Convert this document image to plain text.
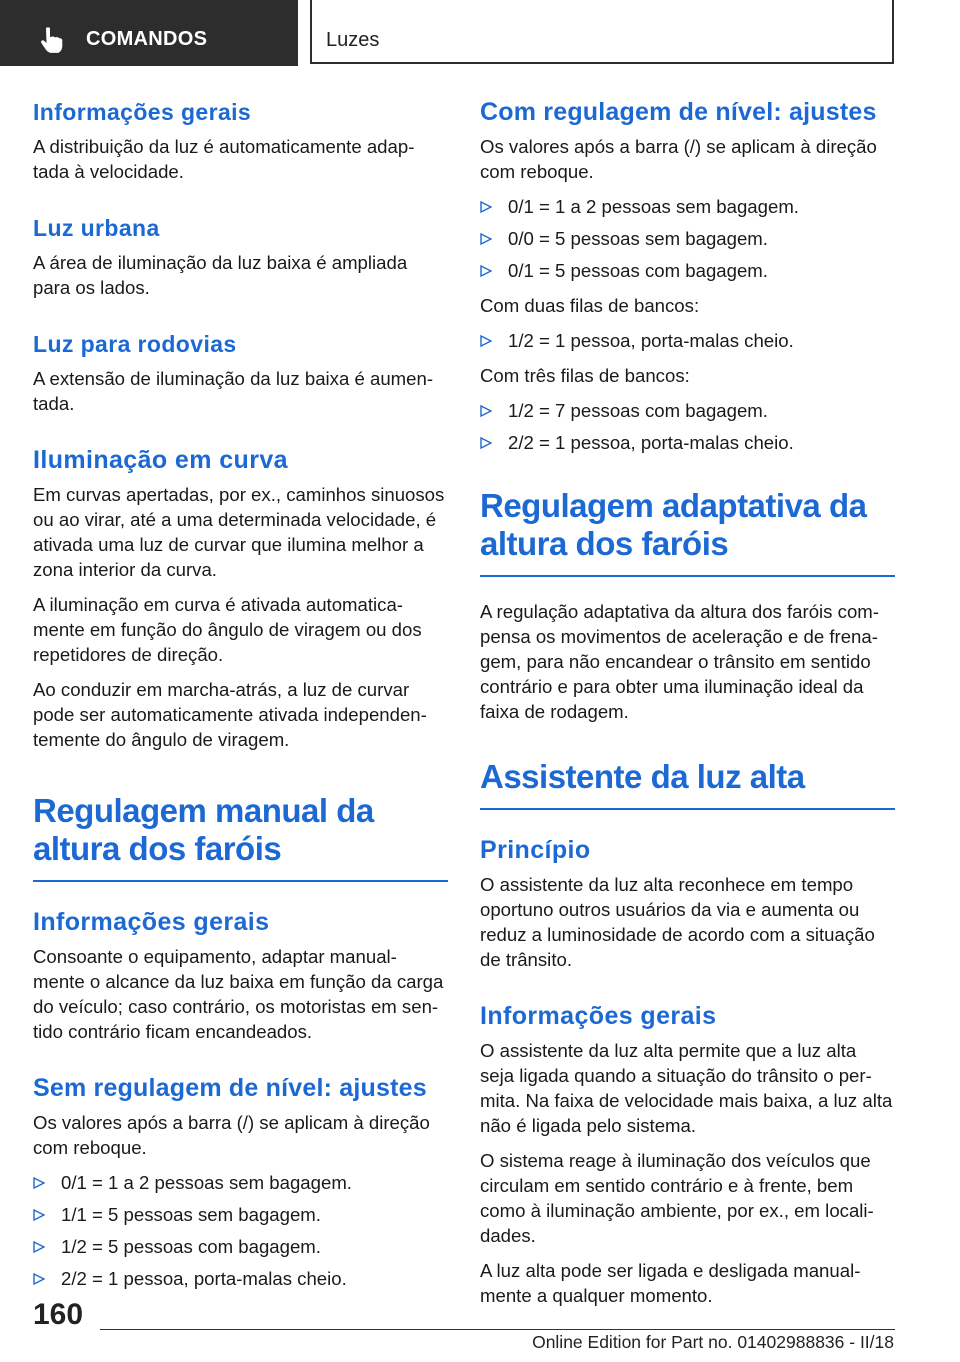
COMANDOS	Luzes
Informações gerais

A distribuição da luz é automaticamente adap‐tada à velocidade.

Luz urbana

A área de iluminação da luz baixa é ampliada para os lados.

Luz para rodovias

A extensão de iluminação da luz baixa é aumen‐tada.

Iluminação em curva

Em curvas apertadas, por ex., caminhos sinuosos ou ao virar, até a uma determinada velocidade, é ativada uma luz de curvar que ilumina melhor a zona interior da curva.

A iluminação em curva é ativada automatica‐mente em função do ângulo de viragem ou dos repetidores de direção.

Ao conduzir em marcha-atrás, a luz de curvar pode ser automaticamente ativada independen‐temente do ângulo de viragem.

Regulagem manual da altura dos faróis
Informações gerais

Consoante o equipamento, adaptar manual‐mente o alcance da luz baixa em função da carga do veículo; caso contrário, os motoristas em sen‐tido contrário ficam encandeados.

Sem regulagem de nível: ajustes

Os valores após a barra (/) se aplicam à direção com reboque.

0/1 = 1 a 2 pessoas sem bagagem.
1/1 = 5 pessoas sem bagagem.
1/2 = 5 pessoas com bagagem.
2/2 = 1 pessoa, porta-malas cheio.
Com regulagem de nível: ajustes

Os valores após a barra (/) se aplicam à direção com reboque.

0/1 = 1 a 2 pessoas sem bagagem.
0/0 = 5 pessoas sem bagagem.
0/1 = 5 pessoas com bagagem.

Com duas filas de bancos:

1/2 = 1 pessoa, porta-malas cheio.

Com três filas de bancos:

1/2 = 7 pessoas com bagagem.
2/2 = 1 pessoa, porta-malas cheio.
Regulagem adaptativa da altura dos faróis

A regulação adaptativa da altura dos faróis com‐pensa os movimentos de aceleração e de frena‐gem, para não encandear o trânsito em sentido contrário e para obter uma iluminação ideal da faixa de rodagem.

Assistente da luz alta
Princípio

O assistente da luz alta reconhece em tempo oportuno outros usuários da via e aumenta ou reduz a luminosidade de acordo com a situação de trânsito.

Informações gerais

O assistente da luz alta permite que a luz alta seja ligada quando a situação do trânsito o per‐mita. Na faixa de velocidade mais baixa, a luz alta não é ligada pelo sistema.

O sistema reage à iluminação dos veículos que circulam em sentido contrário e à frente, bem como à iluminação ambiente, por ex., em locali‐dades.

A luz alta pode ser ligada e desligada manual‐mente a qualquer momento.

160
Online Edition for Part no. 01402988836 - II/18
